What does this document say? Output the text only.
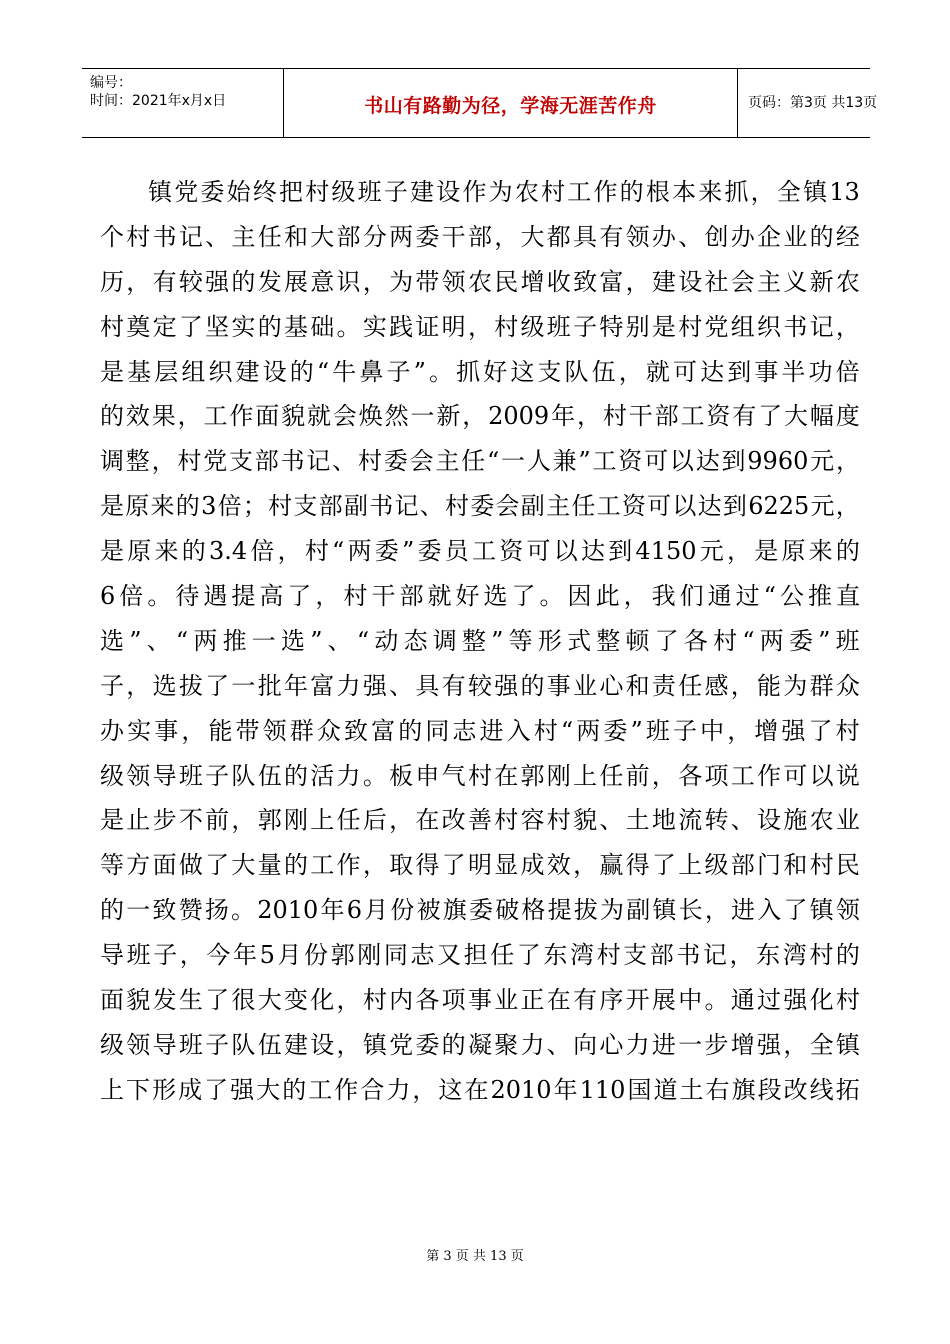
编号：
时间：2021年x月x日	书山有路勤为径，学海无涯苦作舟	页码：第3页 共13页
镇 党 委 始 终 把 村 级 班 子 建 设 作 为 农 村 工 作 的 根 本 来 抓 ， 全 镇 13
个 村 书 记 、 主 任 和 大 部 分 两 委 干 部 ， 大 都 具 有 领 办 、 创 办 企 业 的 经
历 ， 有 较 强 的 发 展 意 识 ， 为 带 领 农 民 增 收 致 富 ， 建 设 社 会 主 义 新 农
村 奠 定 了 坚 实 的 基 础 。 实 践 证 明 ， 村 级 班 子 特 别 是 村 党 组 织 书 记 ，
是 基 层 组 织 建 设 的 “ 牛 鼻 子 ” 。 抓 好 这 支 队 伍 ， 就 可 达 到 事 半 功 倍
的 效 果 ， 工 作 面 貌 就 会 焕 然 一 新 ， 2009 年 ， 村 干 部 工 资 有 了 大 幅 度
调 整 ， 村 党 支 部 书 记 、 村 委 会 主 任 “ 一 人 兼 ” 工 资 可 以 达 到 9960 元 ，
是 原 来 的 3 倍 ； 村 支 部 副 书 记 、 村 委 会 副 主 任 工 资 可 以 达 到 6225 元 ，
是 原 来 的 3.4 倍 ， 村 “ 两 委 ” 委 员 工 资 可 以 达 到 4150 元 ， 是 原 来 的
6 倍 。 待 遇 提 高 了 ， 村 干 部 就 好 选 了 。 因 此 ， 我 们 通 过 “ 公 推 直
选 ” 、 “ 两 推 一 选 ” 、 “ 动 态 调 整 ” 等 形 式 整 顿 了 各 村 “ 两 委 ” 班
子 ， 选 拔 了 一 批 年 富 力 强 、 具 有 较 强 的 事 业 心 和 责 任 感 ， 能 为 群 众
办 实 事 ， 能 带 领 群 众 致 富 的 同 志 进 入 村 “ 两 委 ” 班 子 中 ， 增 强 了 村
级 领 导 班 子 队 伍 的 活 力 。 板 申 气 村 在 郭 刚 上 任 前 ， 各 项 工 作 可 以 说
是 止 步 不 前 ， 郭 刚 上 任 后 ， 在 改 善 村 容 村 貌 、 土 地 流 转 、 设 施 农 业
等 方 面 做 了 大 量 的 工 作 ， 取 得 了 明 显 成 效 ， 赢 得 了 上 级 部 门 和 村 民
的 一 致 赞 扬 。 2010 年 6 月 份 被 旗 委 破 格 提 拔 为 副 镇 长 ， 进 入 了 镇 领
导 班 子 ， 今 年 5 月 份 郭 刚 同 志 又 担 任 了 东 湾 村 支 部 书 记 ， 东 湾 村 的
面 貌 发 生 了 很 大 变 化 ， 村 内 各 项 事 业 正 在 有 序 开 展 中 。 通 过 强 化 村
级 领 导 班 子 队 伍 建 设 ， 镇 党 委 的 凝 聚 力 、 向 心 力 进 一 步 增 强 ， 全 镇
上 下 形 成 了 强 大 的 工 作 合 力 ， 这 在 2010 年 110 国 道 土 右 旗 段 改 线 拓
第 3 页 共 13 页
